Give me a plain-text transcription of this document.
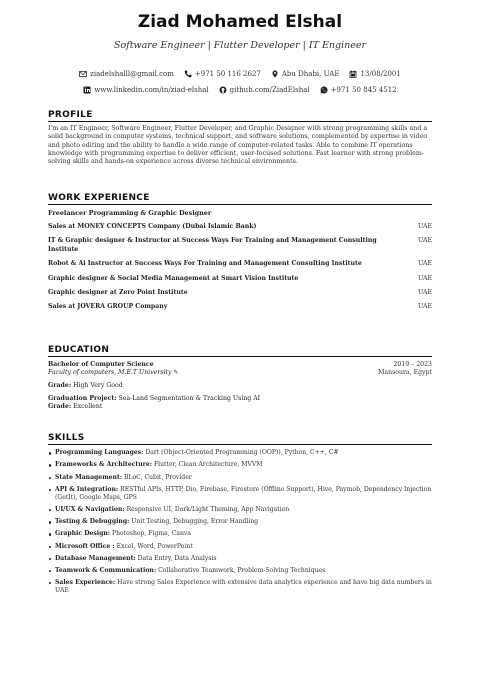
Ziad Mohamed Elshal
Software Engineer | Flutter Developer | IT Engineer
ziadelshalll@gmail.com	+971 50 116 2627	Abu Dhabi, UAE	13/08/2001
www.linkedin.com/in/ziad-elshal	github.com/ZiadElshal	+971 50 845 4512
PROFILE
I'm an IT Engineer, Software Engineer, Flutter Developer, and Graphic Designer with strong programming skills and a solid background in computer systems, technical support, and software solutions, complemented by expertise in video and photo editing and the ability to handle a wide range of computer-related tasks. Able to combine IT operations knowledge with programming expertise to deliver efficient, user-focused solutions. Fast learner with strong problem-solving skills and hands-on experience across diverse technical environments.
WORK EXPERIENCE
Freelancer Programming & Graphic Designer
Sales at MONEY CONCEPTS Company (Dubai Islamic Bank)	UAE
IT & Graphic designer & Instructor at Success Ways For Training and Management Consulting Institute
UAE
Robot & Ai Instructor at Success Ways For Training and Management Consulting Institute	UAE
Graphic designer & Social Media Management at Smart Vision Institute	UAE
Graphic designer at Zero Point Institute	UAE
Sales at JOVERA GROUP Company	UAE
EDUCATION
Bachelor of Computer Science	2019 – 2023
Faculty of computers, M.E.T University ✎	Mansoura, Egypt
Grade: High Very Good
Graduation Project: Sea-Land Segmentation & Tracking Using AI
Grade: Excellent
SKILLS
Programming Languages: Dart (Object-Oriented Programming (OOP)), Python, C++, C#
Frameworks & Architecture: Flutter, Clean Architecture, MVVM
State Management: BLoC, Cubit, Provider
API & Integration: RESTful APIs, HTTP, Dio, Firebase, Firestore (Offline Support), Hive, Paymob, Dependency Injection (GetIt), Google Maps, GPS
UI/UX & Navigation: Responsive UI, Dark/Light Theming, App Navigation
Testing & Debugging: Unit Testing, Debugging, Error Handling
Graphic Design: Photoshop, Figma, Canva
Microsoft Office : Excel, Word, PowerPoint
Database Management: Data Entry, Data Analysis
Teamwork & Communication: Collaborative Teamwork, Problem-Solving Techniques
Sales Experience: Have strong Sales Experience with extensive data analytics experience and have big data numbers in UAE
